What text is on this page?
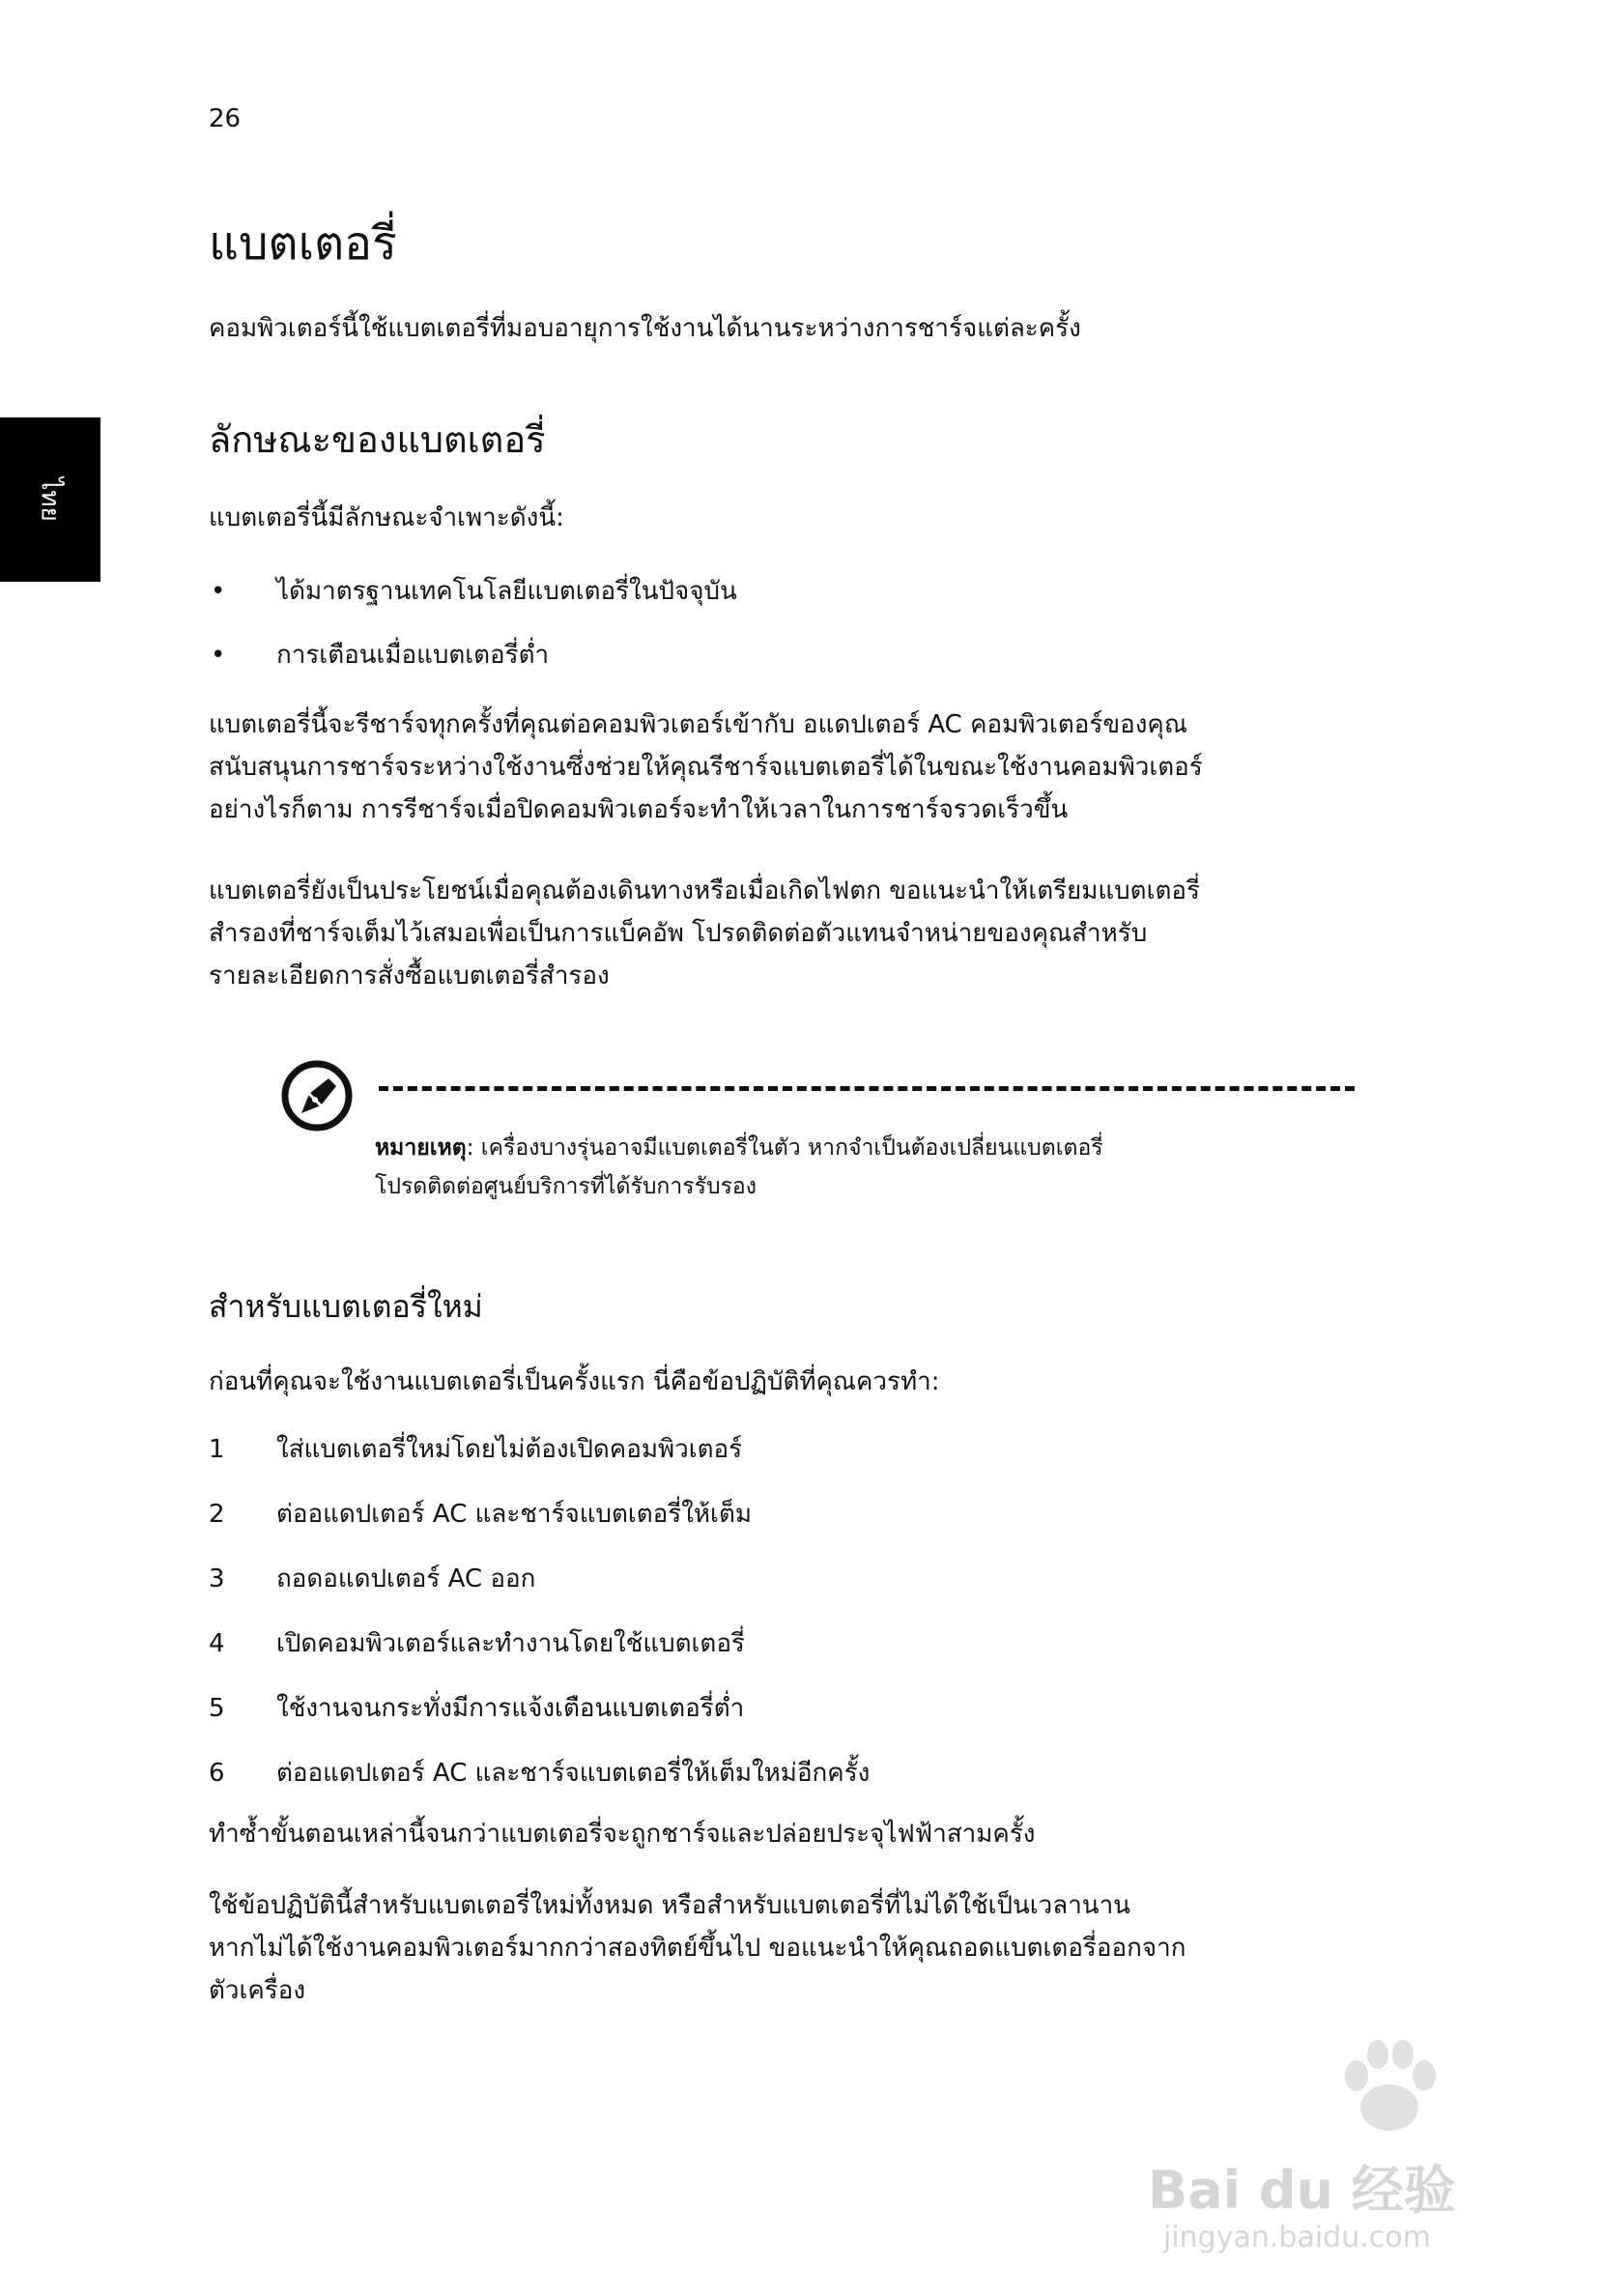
26
ไทย
แบตเตอรี่
คอมพิวเตอร์นี้ใช้แบตเตอรี่ที่มอบอายุการใช้งานได้นานระหว่างการชาร์จแต่ละครั้ง
ลักษณะของแบตเตอรี่
แบตเตอรี่นี้มีลักษณะจำเพาะดังนี้:
• ได้มาตรฐานเทคโนโลยีแบตเตอรี่ในปัจจุบัน
• การเตือนเมื่อแบตเตอรี่ต่ำ
แบตเตอรี่นี้จะรีชาร์จทุกครั้งที่คุณต่อคอมพิวเตอร์เข้ากับ อแดปเตอร์ AC คอมพิวเตอร์ของคุณ
สนับสนุนการชาร์จระหว่างใช้งานซึ่งช่วยให้คุณรีชาร์จแบตเตอรี่ได้ในขณะใช้งานคอมพิวเตอร์
อย่างไรก็ตาม การรีชาร์จเมื่อปิดคอมพิวเตอร์จะทำให้เวลาในการชาร์จรวดเร็วขึ้น
แบตเตอรี่ยังเป็นประโยชน์เมื่อคุณต้องเดินทางหรือเมื่อเกิดไฟตก ขอแนะนำให้เตรียมแบตเตอรี่
สำรองที่ชาร์จเต็มไว้เสมอเพื่อเป็นการแบ็คอัพ โปรดติดต่อตัวแทนจำหน่ายของคุณสำหรับ
รายละเอียดการสั่งซื้อแบตเตอรี่สำรอง
หมายเหตุ: เครื่องบางรุ่นอาจมีแบตเตอรี่ในตัว หากจำเป็นต้องเปลี่ยนแบตเตอรี่
โปรดติดต่อศูนย์บริการที่ได้รับการรับรอง
สำหรับแบตเตอรี่ใหม่
ก่อนที่คุณจะใช้งานแบตเตอรี่เป็นครั้งแรก นี่คือข้อปฏิบัติที่คุณควรทำ:
1 ใส่แบตเตอรี่ใหม่โดยไม่ต้องเปิดคอมพิวเตอร์
2 ต่ออแดปเตอร์ AC และชาร์จแบตเตอรี่ให้เต็ม
3 ถอดอแดปเตอร์ AC ออก
4 เปิดคอมพิวเตอร์และทำงานโดยใช้แบตเตอรี่
5 ใช้งานจนกระทั่งมีการแจ้งเตือนแบตเตอรี่ต่ำ
6 ต่ออแดปเตอร์ AC และชาร์จแบตเตอรี่ให้เต็มใหม่อีกครั้ง
ทำซ้ำขั้นตอนเหล่านี้จนกว่าแบตเตอรี่จะถูกชาร์จและปล่อยประจุไฟฟ้าสามครั้ง
ใช้ข้อปฏิบัตินี้สำหรับแบตเตอรี่ใหม่ทั้งหมด หรือสำหรับแบตเตอรี่ที่ไม่ได้ใช้เป็นเวลานาน
หากไม่ได้ใช้งานคอมพิวเตอร์มากกว่าสองทิตย์ขึ้นไป ขอแนะนำให้คุณถอดแบตเตอรี่ออกจาก
ตัวเครื่อง
Bai du 经验
jingyan.baidu.com
